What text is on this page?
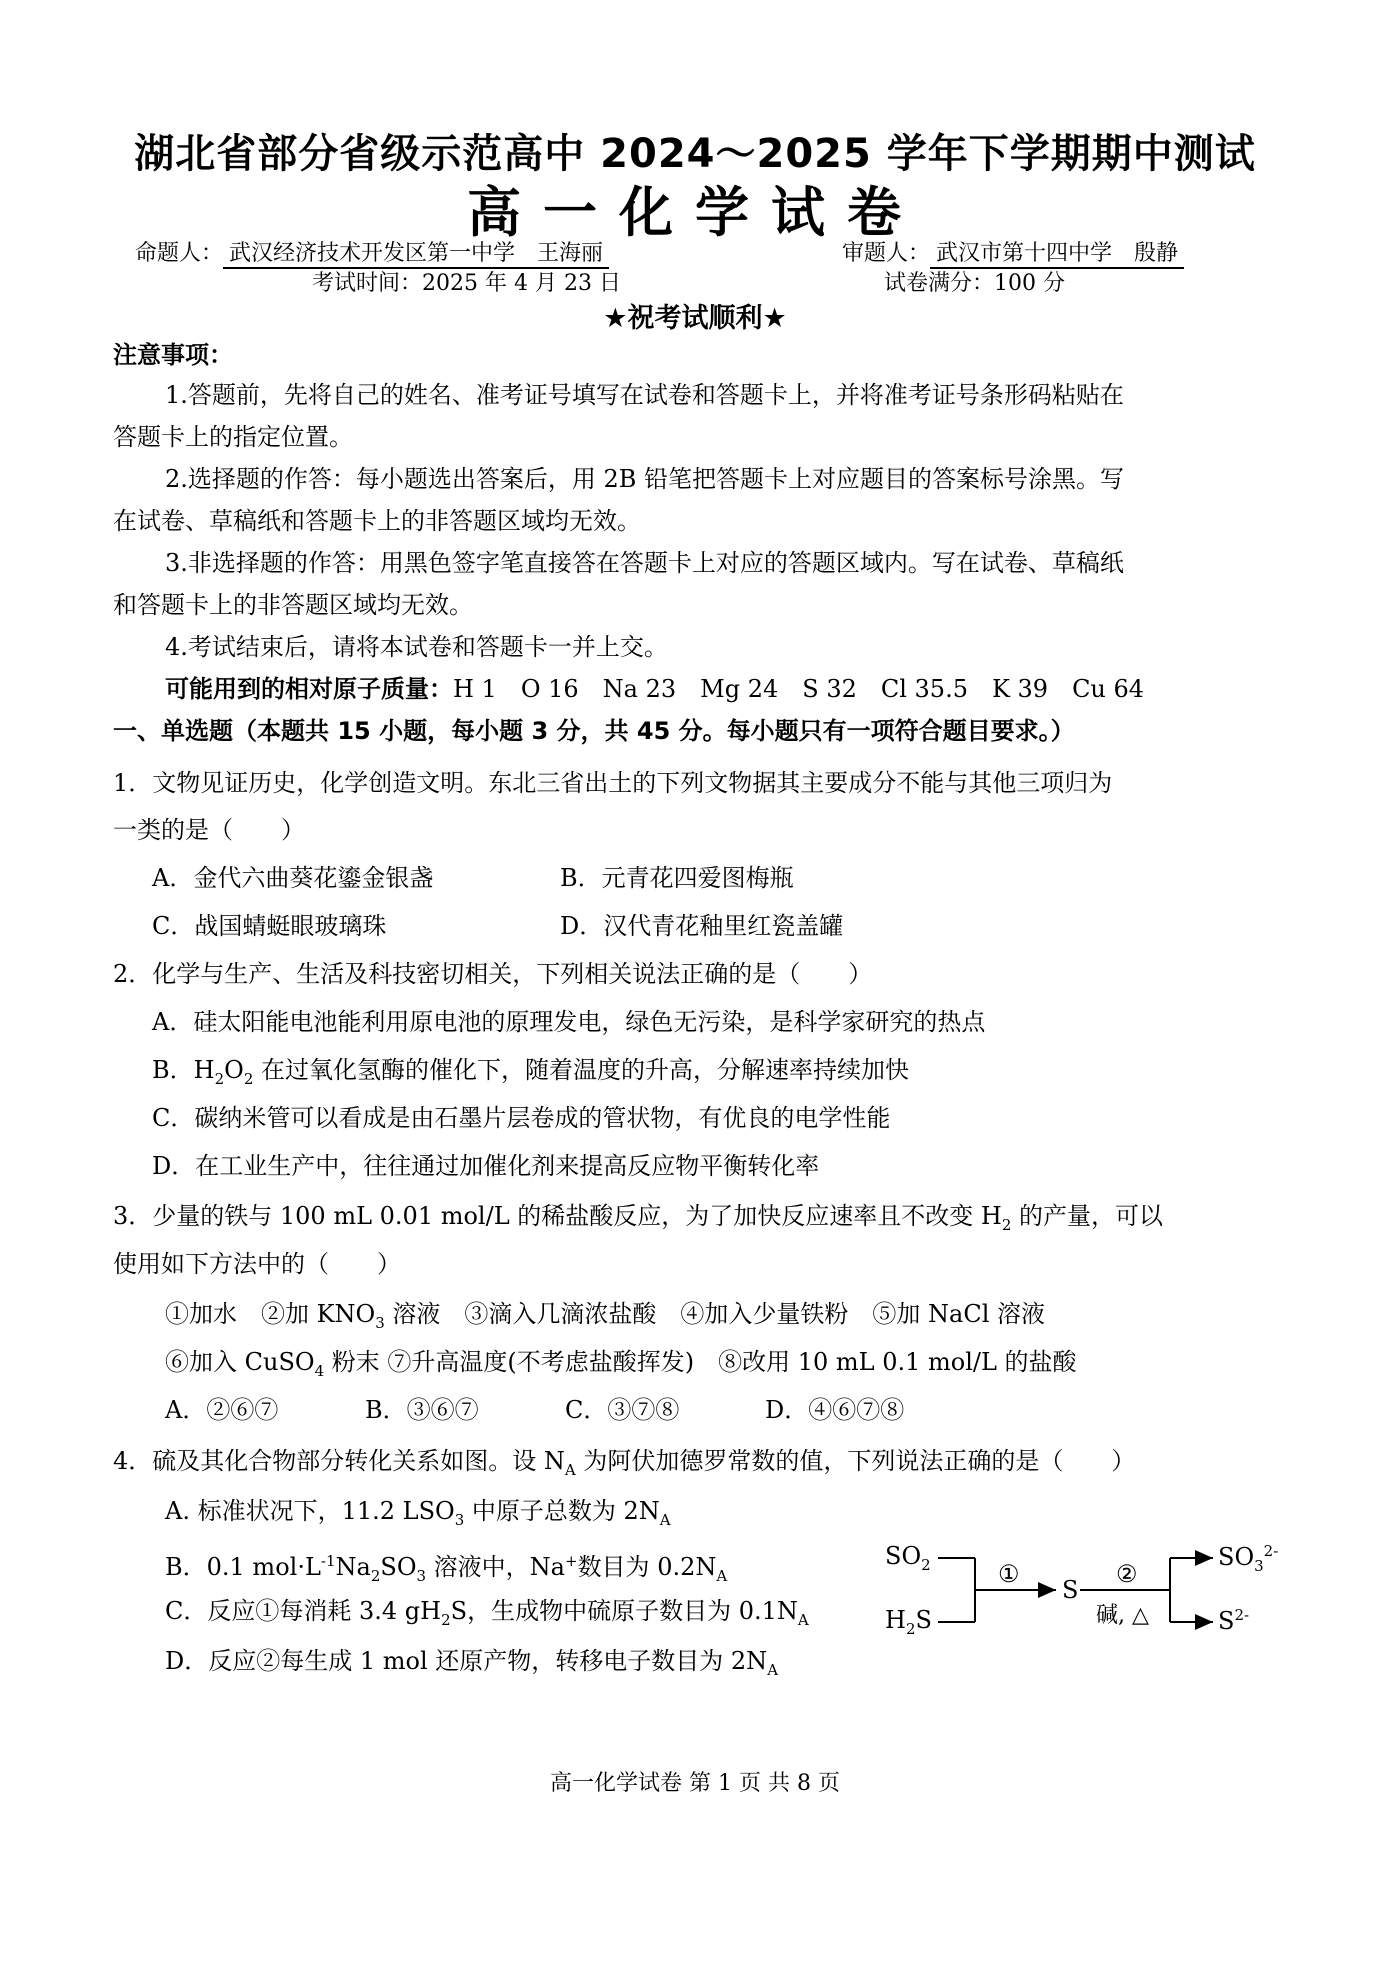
湖北省部分省级示范高中 2024～2025 学年下学期期中测试
高一化学试卷
命题人： 武汉经济技术开发区第一中学　王海丽	审题人： 武汉市第十四中学　殷静
考试时间：2025 年 4 月 23 日	试卷满分：100 分
★祝考试顺利★
注意事项：
1.答题前，先将自己的姓名、准考证号填写在试卷和答题卡上，并将准考证号条形码粘贴在
答题卡上的指定位置。
2.选择题的作答：每小题选出答案后，用 2B 铅笔把答题卡上对应题目的答案标号涂黑。写
在试卷、草稿纸和答题卡上的非答题区域均无效。
3.非选择题的作答：用黑色签字笔直接答在答题卡上对应的答题区域内。写在试卷、草稿纸
和答题卡上的非答题区域均无效。
4.考试结束后，请将本试卷和答题卡一并上交。
可能用到的相对原子质量：H 1　O 16　Na 23　Mg 24　S 32　Cl 35.5　K 39　Cu 64
一、单选题（本题共 15 小题，每小题 3 分，共 45 分。每小题只有一项符合题目要求。）
1．文物见证历史，化学创造文明。东北三省出土的下列文物据其主要成分不能与其他三项归为
一类的是（　　）
A．金代六曲葵花鎏金银盏	B．元青花四爱图梅瓶
C．战国蜻蜓眼玻璃珠	D．汉代青花釉里红瓷盖罐
2．化学与生产、生活及科技密切相关，下列相关说法正确的是（　　）
A．硅太阳能电池能利用原电池的原理发电，绿色无污染，是科学家研究的热点
B．$H_2O_2$ 在过氧化氢酶的催化下，随着温度的升高，分解速率持续加快
C．碳纳米管可以看成是由石墨片层卷成的管状物，有优良的电学性能
D．在工业生产中，往往通过加催化剂来提高反应物平衡转化率
3．少量的铁与 100 mL 0.01 mol/L 的稀盐酸反应，为了加快反应速率且不改变 $H_2$ 的产量，可以
使用如下方法中的（　　）
①加水　②加 $KNO_3$ 溶液　③滴入几滴浓盐酸　④加入少量铁粉　⑤加 NaCl 溶液
⑥加入 CuSO$_4$ 粉末 ⑦升高温度(不考虑盐酸挥发)　⑧改用 10 mL 0.1 mol/L 的盐酸
A．②⑥⑦	B．③⑥⑦	C．③⑦⑧	D．④⑥⑦⑧
4．硫及其化合物部分转化关系如图。设 $N_A$ 为阿伏加德罗常数的值，下列说法正确的是（　　）
A. 标准状况下，11.2 $LSO_3$ 中原子总数为 $2N_A$
B．0.1 $mol\cdot L^{-1}Na_2SO_3$ 溶液中，Na+数目为 $0.2N_A$
C．反应①每消耗 3.4 $gH_2S$，生成物中硫原子数目为 $0.1N_A$
D．反应②每生成 1 mol 还原产物，转移电子数目为 $2N_A$
$SO_2$
$H_2S$
①
S
②
碱, △
$SO_3^{2-}$
$S^{2-}$
高一化学试卷 第 1 页 共 8 页
